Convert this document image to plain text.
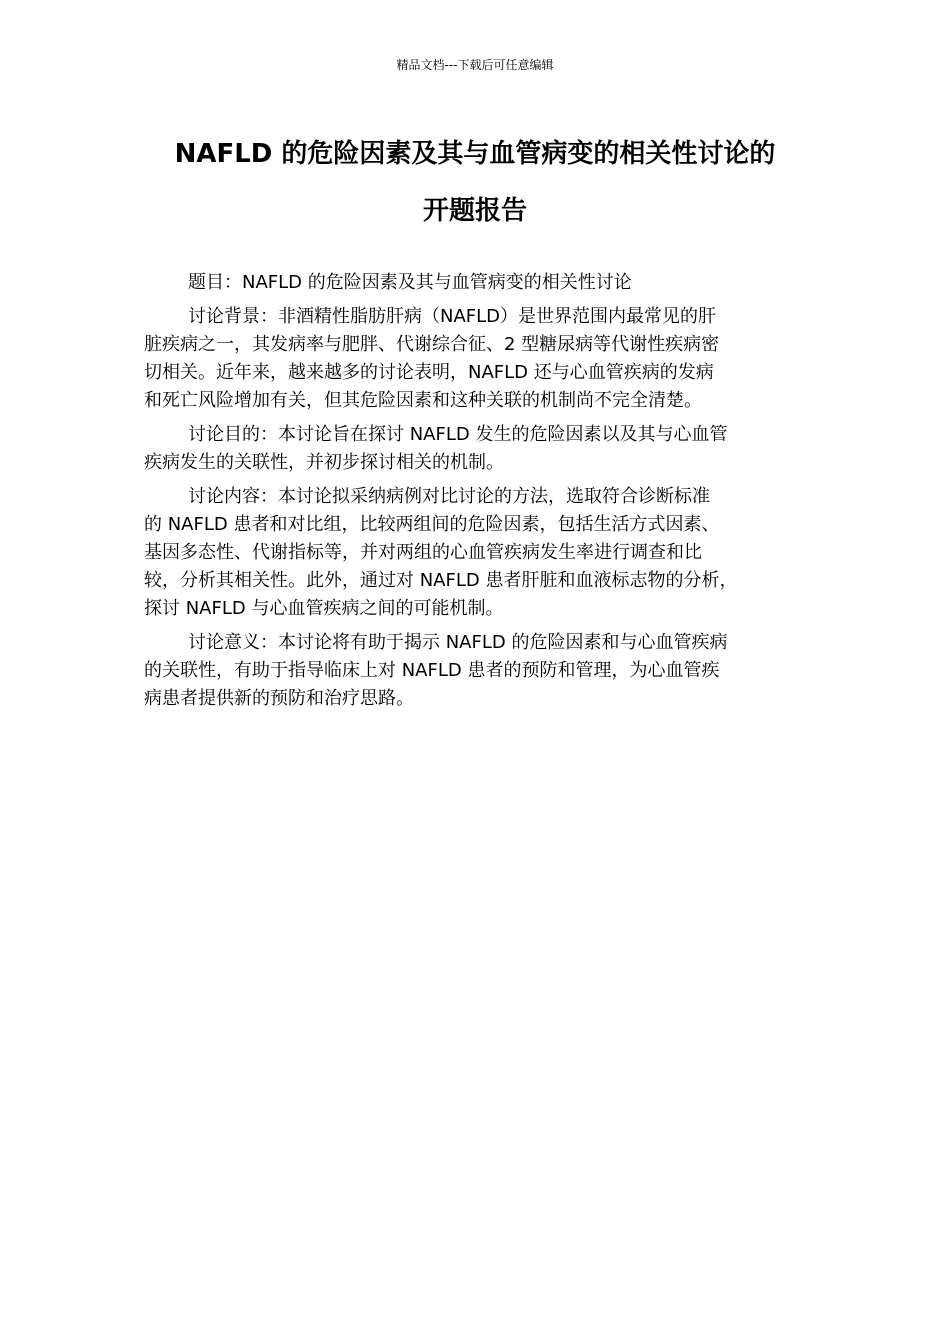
精品文档---下载后可任意编辑
NAFLD 的危险因素及其与血管病变的相关性讨论的
开题报告

题目：NAFLD 的危险因素及其与血管病变的相关性讨论

讨论背景：非酒精性脂肪肝病（NAFLD）是世界范围内最常见的肝
脏疾病之一，其发病率与肥胖、代谢综合征、2 型糖尿病等代谢性疾病密
切相关。近年来，越来越多的讨论表明，NAFLD 还与心血管疾病的发病
和死亡风险增加有关，但其危险因素和这种关联的机制尚不完全清楚。

讨论目的：本讨论旨在探讨 NAFLD 发生的危险因素以及其与心血管
疾病发生的关联性，并初步探讨相关的机制。

讨论内容：本讨论拟采纳病例对比讨论的方法，选取符合诊断标准
的 NAFLD 患者和对比组，比较两组间的危险因素，包括生活方式因素、
基因多态性、代谢指标等，并对两组的心血管疾病发生率进行调查和比
较，分析其相关性。此外，通过对 NAFLD 患者肝脏和血液标志物的分析，
探讨 NAFLD 与心血管疾病之间的可能机制。

讨论意义：本讨论将有助于揭示 NAFLD 的危险因素和与心血管疾病
的关联性，有助于指导临床上对 NAFLD 患者的预防和管理，为心血管疾
病患者提供新的预防和治疗思路。
